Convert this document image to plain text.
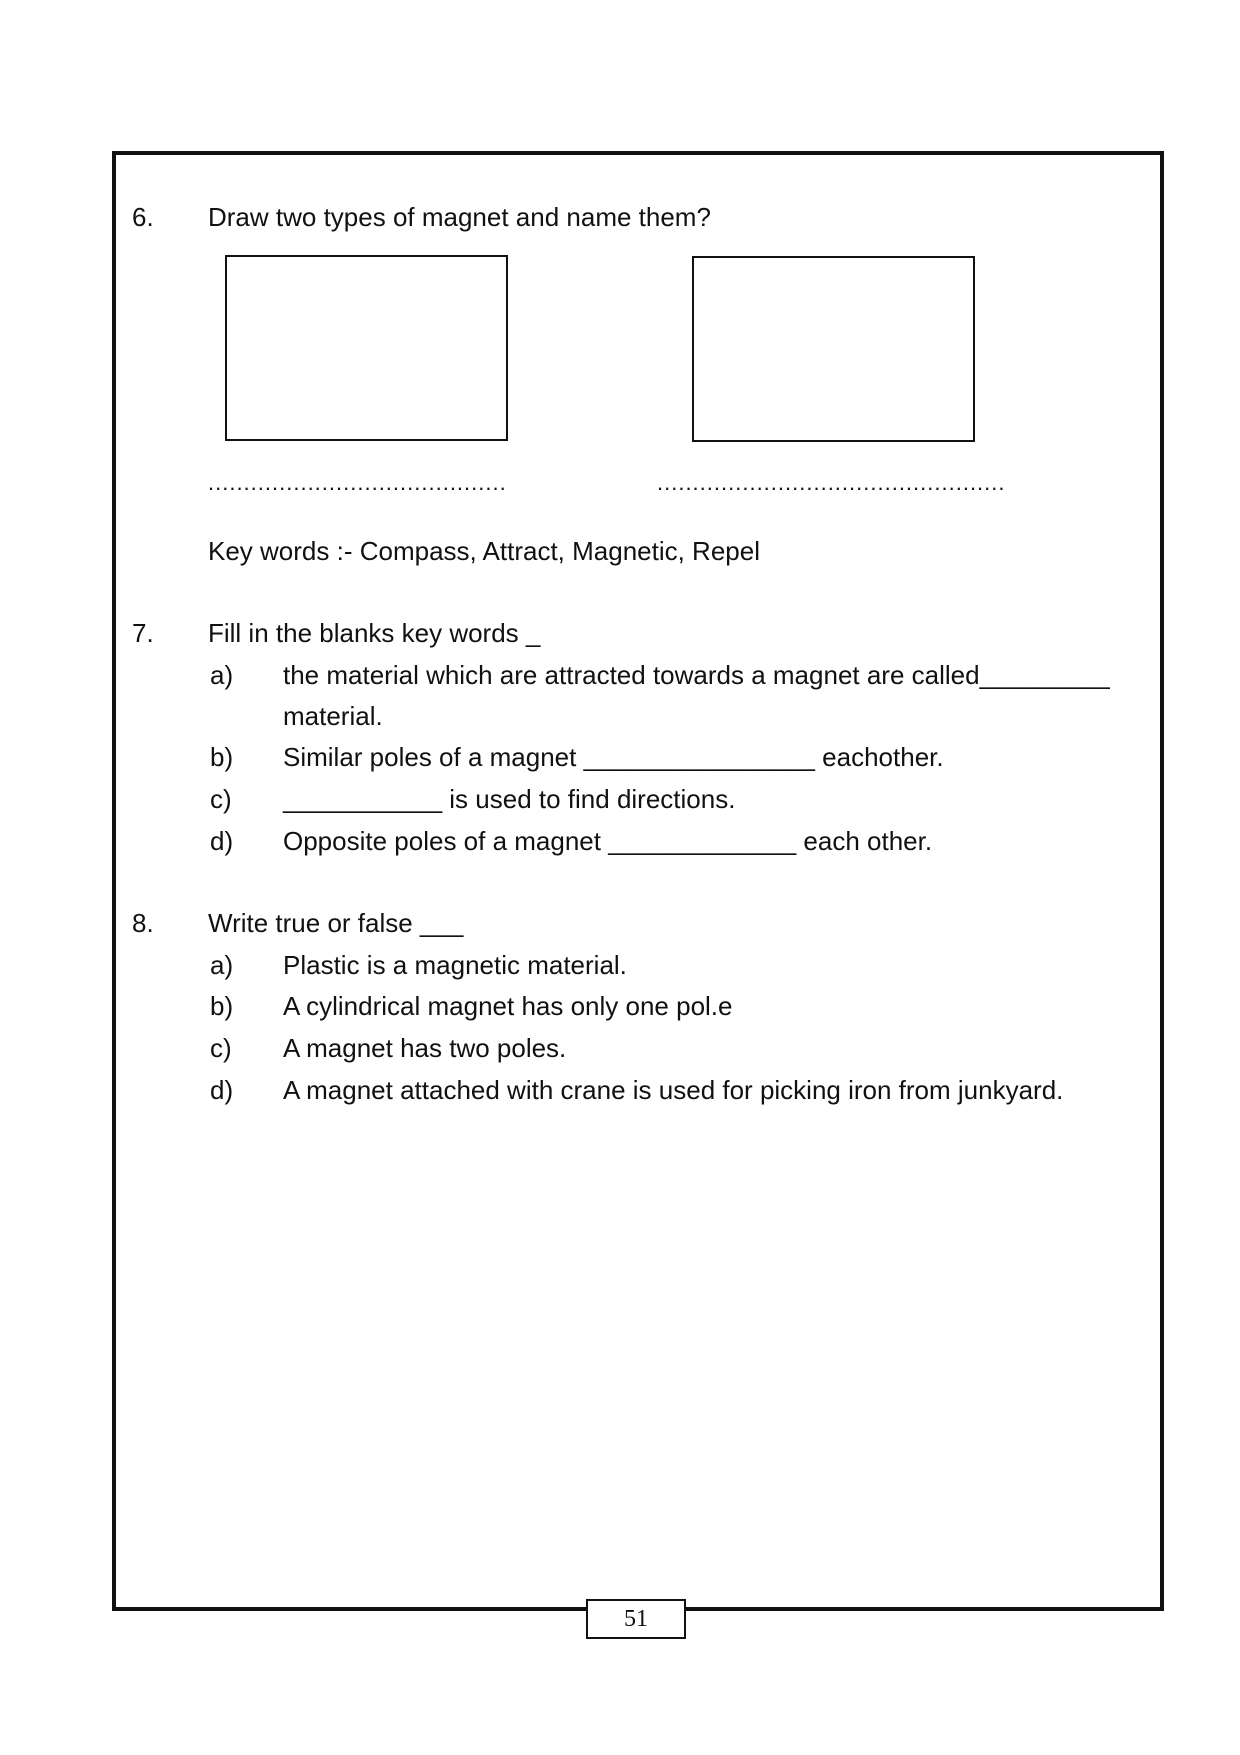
6. Draw two types of magnet and name them?
..........................................	.................................................
Key words :- Compass, Attract, Magnetic, Repel
7. Fill in the blanks key words _
a) the material which are attracted towards a magnet are called_________
material.
b) Similar poles of a magnet ________________ eachother.
c) ___________ is used to find directions.
d) Opposite poles of a magnet _____________ each other.
8. Write true or false ___
a) Plastic is a magnetic material.
b) A cylindrical magnet has only one pol.e
c) A magnet has two poles.
d) A magnet attached with crane is used for picking iron from junkyard.
51
